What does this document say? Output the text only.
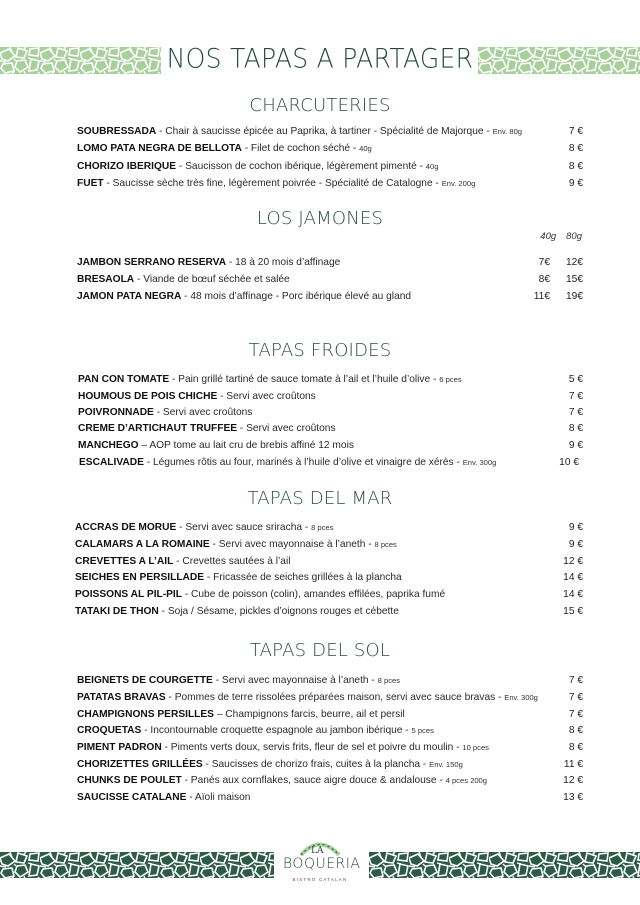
NOS TAPAS A PARTAGER
CHARCUTERIES
SOUBRESSADA - Chair à saucisse épicée au Paprika, à tartiner - Spécialité de Majorque - Env. 80g	7 €
LOMO PATA NEGRA DE BELLOTA - Filet de cochon séché - 40g	8 €
CHORIZO IBERIQUE - Saucisson de cochon ibérique, légèrement pimenté - 40g	8 €
FUET - Saucisse sèche très fine, légèrement poivrée - Spécialité de Catalogne - Env. 200g	9 €
LOS JAMONES
40g 80g
JAMBON SERRANO RESERVA - 18 à 20 mois d’affinage	7€ 12€
BRESAOLA - Viande de bœuf séchée et salée	8€ 15€
JAMON PATA NEGRA - 48 mois d’affinage - Porc ibérique élevé au gland	11€ 19€
TAPAS FROIDES
PAN CON TOMATE - Pain grillé tartiné de sauce tomate à l’ail et l’huile d’olive - 6 pces	5 €
HOUMOUS DE POIS CHICHE - Servi avec croûtons	7 €
POIVRONNADE - Servi avec croûtons	7 €
CREME D’ARTICHAUT TRUFFEE - Servi avec croûtons	8 €
MANCHEGO – AOP tome au lait cru de brebis affiné 12 mois	9 €
ESCALIVADE - Légumes rôtis au four, marinés à l’huile d’olive et vinaigre de xérès - Env. 300g	10 €
TAPAS DEL MAR
ACCRAS DE MORUE - Servi avec sauce sriracha - 8 pces	9 €
CALAMARS A LA ROMAINE - Servi avec mayonnaise à l’aneth - 8 pces	9 €
CREVETTES A L’AIL - Crevettes sautées à l’ail	12 €
SEICHES EN PERSILLADE - Fricassée de seiches grillées à la plancha	14 €
POISSONS AL PIL-PIL - Cube de poisson (colin), amandes effilées, paprika fumé	14 €
TATAKI DE THON - Soja / Sésame, pickles d’oignons rouges et cébette	15 €
TAPAS DEL SOL
BEIGNETS DE COURGETTE - Servi avec mayonnaise à l’aneth - 8 pces	7 €
PATATAS BRAVAS - Pommes de terre rissolées préparées maison, servi avec sauce bravas - Env. 300g	7 €
CHAMPIGNONS PERSILLES – Champignons farcis, beurre, ail et persil	7 €
CROQUETAS - Incontournable croquette espagnole au jambon ibérique - 5 pces	8 €
PIMENT PADRON - Piments verts doux, servis frits, fleur de sel et poivre du moulin - 10 pces	8 €
CHORIZETTES GRILLÉES - Saucisses de chorizo frais, cuites à la plancha - Env. 150g	11 €
CHUNKS DE POULET - Panés aux cornflakes, sauce aigre douce & andalouse - 4 pces 200g	12 €
SAUCISSE CATALANE - Aïoli maison	13 €
LA
BOQUERIA
BISTRO CATALAN
